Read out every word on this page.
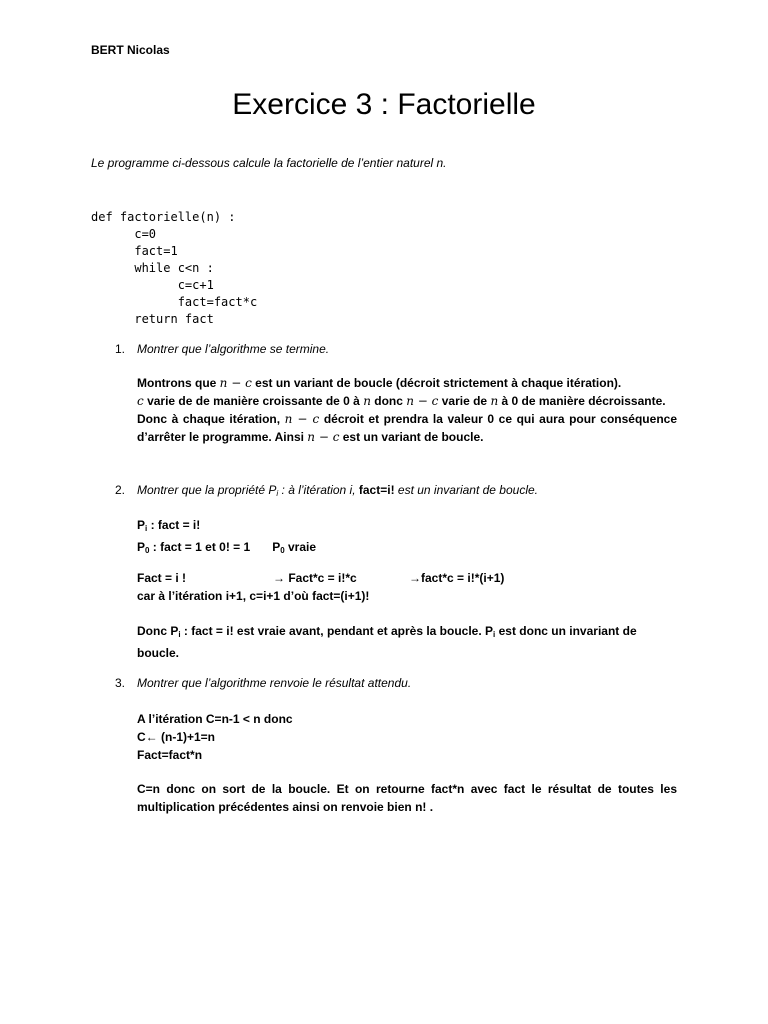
BERT Nicolas
Exercice 3 : Factorielle
Le programme ci-dessous calcule la factorielle de l’entier naturel n.
def factorielle(n) :
c=0
fact=1
while c<n :
c=c+1
fact=fact*c
return fact
1. Montrer que l’algorithme se termine.

Montrons que n − c est un variant de boucle (décroit strictement à chaque itération).

c varie de de manière croissante de 0 à n donc n − c varie de n à 0 de manière décroissante.

Donc à chaque itération, n − c décroit et prendra la valeur 0 ce qui aura pour conséquence d’arrêter le programme. Ainsi n − c est un variant de boucle.

2. Montrer que la propriété $P_i$ : à l’itération i, fact=i! est un invariant de boucle.

$P_i$ : fact = i!

$P_0$ : fact = 1 et 0! = 1 $P_0$ vraie

Fact = i !	→ Fact*c = i!*c	→fact*c = i!*(i+1)

car à l’itération i+1, c=i+1 d’où fact=(i+1)!

Donc $P_i$ : fact = i! est vraie avant, pendant et après la boucle. $P_i$ est donc un invariant de boucle.

3. Montrer que l’algorithme renvoie le résultat attendu.

A l’itération C=n-1 < n donc

C← (n-1)+1=n

Fact=fact*n

C=n donc on sort de la boucle. Et on retourne fact*n avec fact le résultat de toutes les multiplication précédentes ainsi on renvoie bien n! .
